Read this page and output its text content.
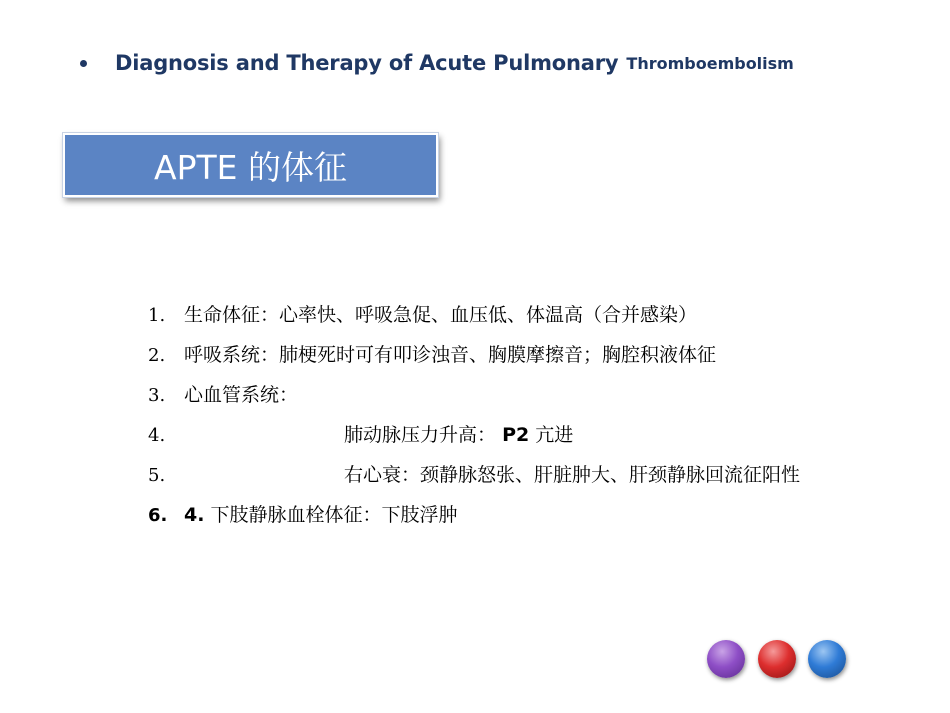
Diagnosis and Therapy of Acute Pulmonary Thromboembolism
APTE 的体征
1. 生命体征：心率快、呼吸急促、血压低、体温高（合并感染）
2. 呼吸系统：肺梗死时可有叩诊浊音、胸膜摩擦音；胸腔积液体征
3. 心血管系统：
4.	肺动脉压力升高： P2 亢进
5.	右心衰：颈静脉怒张、肝脏肿大、肝颈静脉回流征阳性
6. 4. 下肢静脉血栓体征：下肢浮肿
